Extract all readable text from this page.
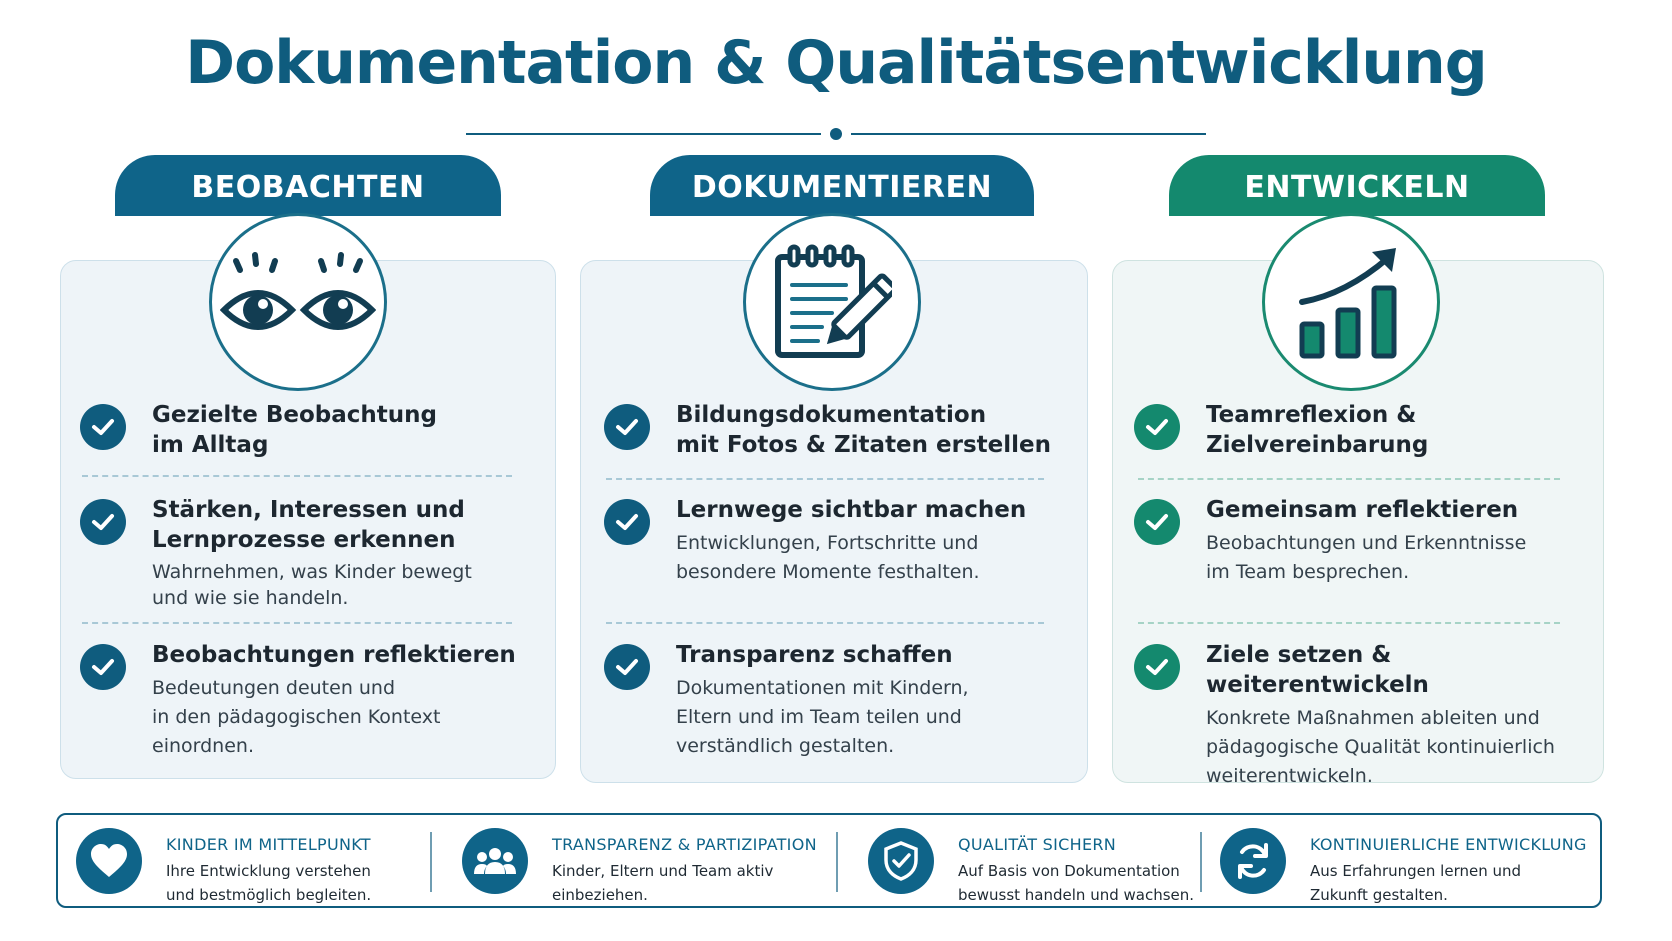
Dokumentation & Qualitätsentwicklung
BEOBACHTEN
Gezielte Beobachtung
im Alltag
Stärken, Interessen und
Lernprozesse erkennen

Wahrnehmen, was Kinder bewegt
und wie sie handeln.

Beobachtungen reflektieren

Bedeutungen deuten und
in den pädagogischen Kontext
einordnen.

DOKUMENTIEREN
Bildungsdokumentation
mit Fotos & Zitaten erstellen
Lernwege sichtbar machen

Entwicklungen, Fortschritte und
besondere Momente festhalten.

Transparenz schaffen

Dokumentationen mit Kindern,
Eltern und im Team teilen und
verständlich gestalten.

ENTWICKELN
Teamreflexion &
Zielvereinbarung
Gemeinsam reflektieren

Beobachtungen und Erkenntnisse
im Team besprechen.

Ziele setzen & weiterentwickeln

Konkrete Maßnahmen ableiten und
pädagogische Qualität kontinuierlich
weiterentwickeln.

KINDER IM MITTELPUNKT

Ihre Entwicklung verstehen
und bestmöglich begleiten.

TRANSPARENZ & PARTIZIPATION

Kinder, Eltern und Team aktiv
einbeziehen.

QUALITÄT SICHERN

Auf Basis von Dokumentation
bewusst handeln und wachsen.

KONTINUIERLICHE ENTWICKLUNG

Aus Erfahrungen lernen und
Zukunft gestalten.
